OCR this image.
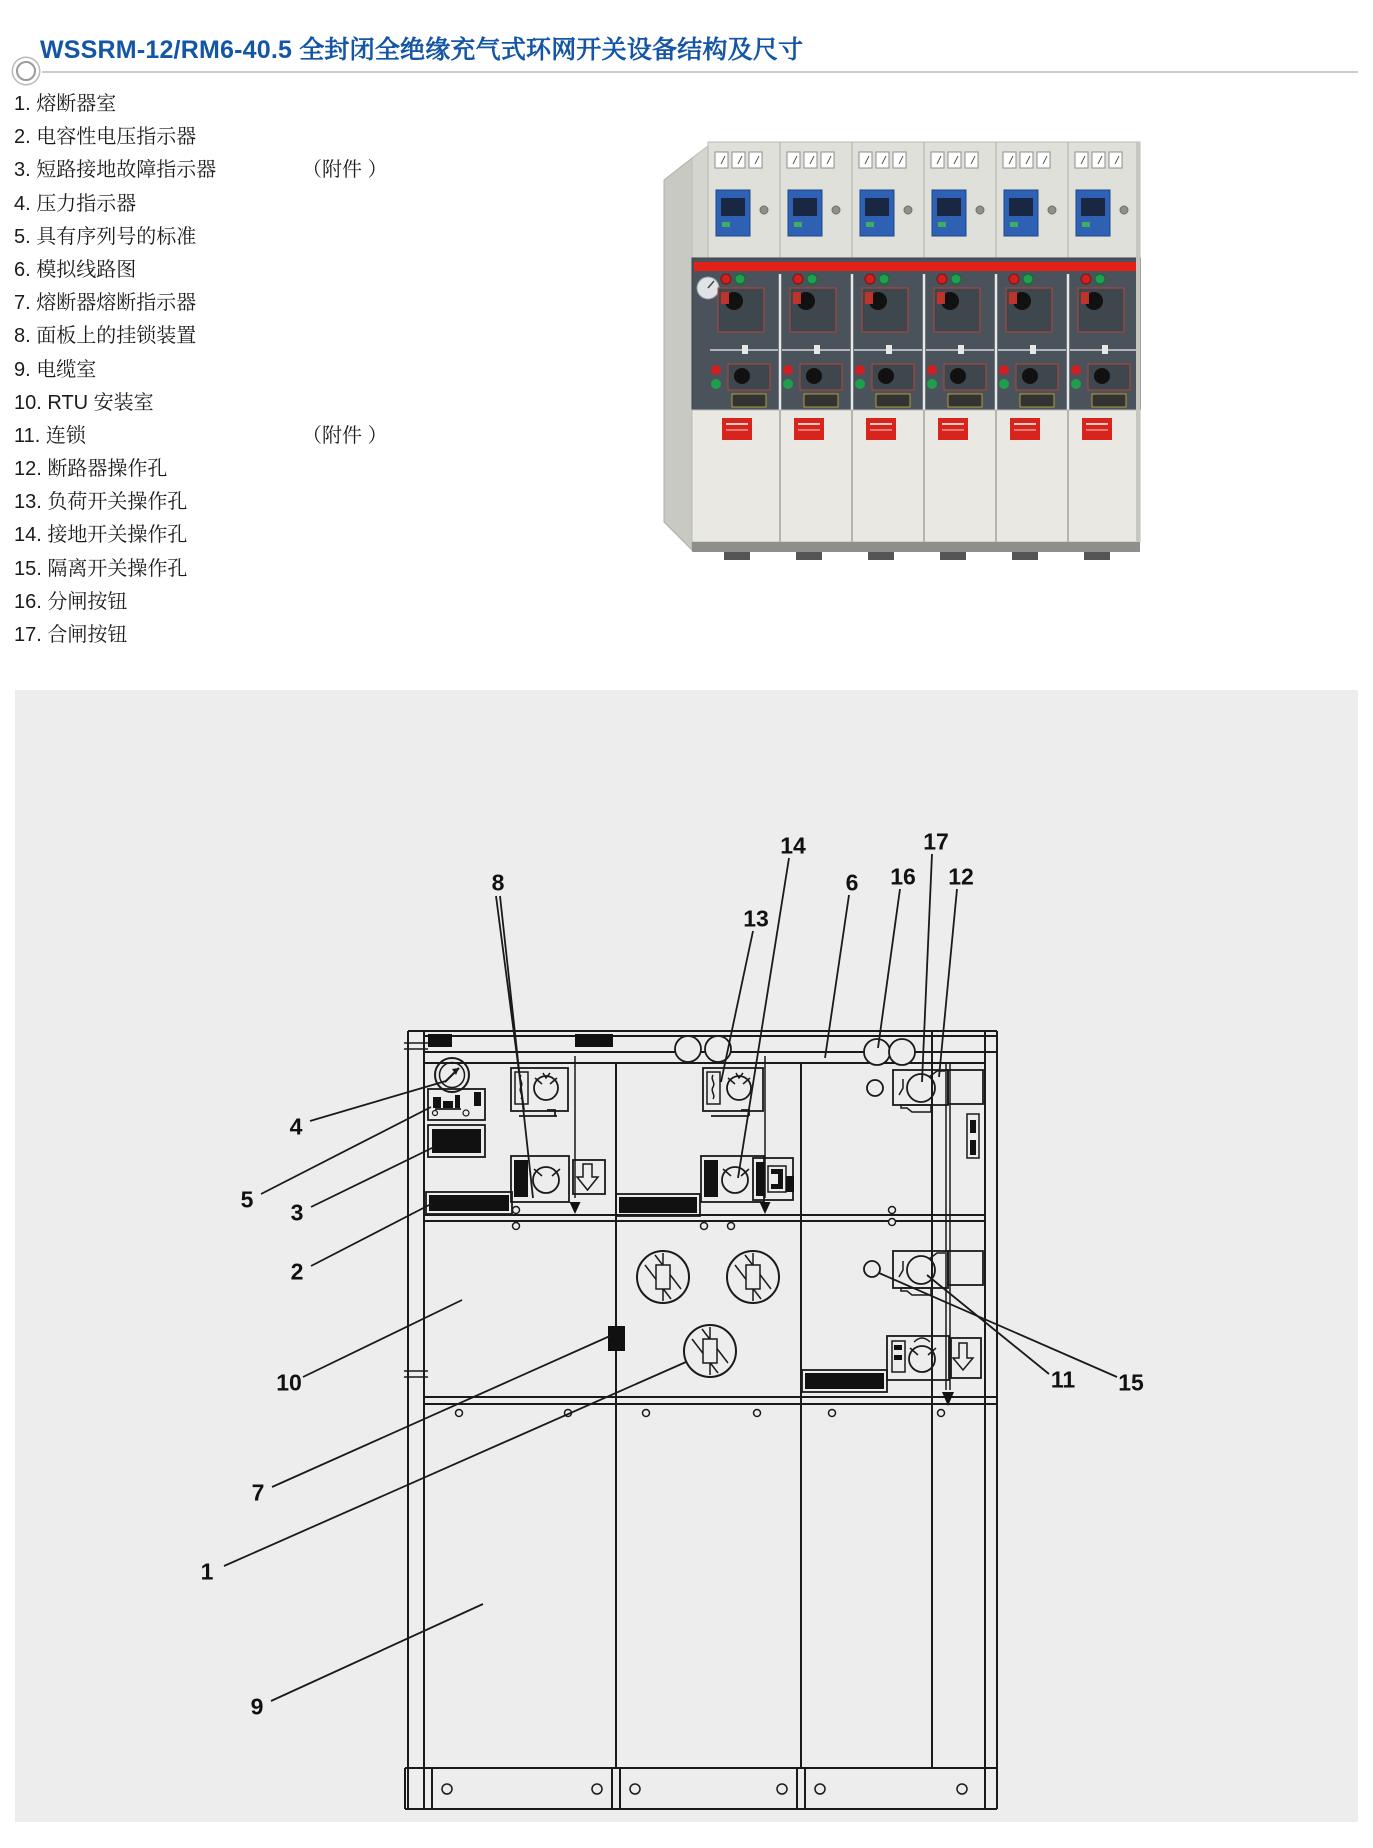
WSSRM-12/RM6-40.5 全封闭全绝缘充气式环网开关设备结构及尺寸
1. 熔断器室
2. 电容性电压指示器
3. 短路接地故障指示器	（附件 ）
4. 压力指示器
5. 具有序列号的标准
6. 模拟线路图
7. 熔断器熔断指示器
8. 面板上的挂锁装置
9. 电缆室
10. RTU 安装室
11. 连锁	（附件 ）
12. 断路器操作孔
13. 负荷开关操作孔
14. 接地开关操作孔
15. 隔离开关操作孔
16. 分闸按钮
17. 合闸按钮
1
2
3
4
5
6
7
8
9
10	11
12
13
14
15
16
17
